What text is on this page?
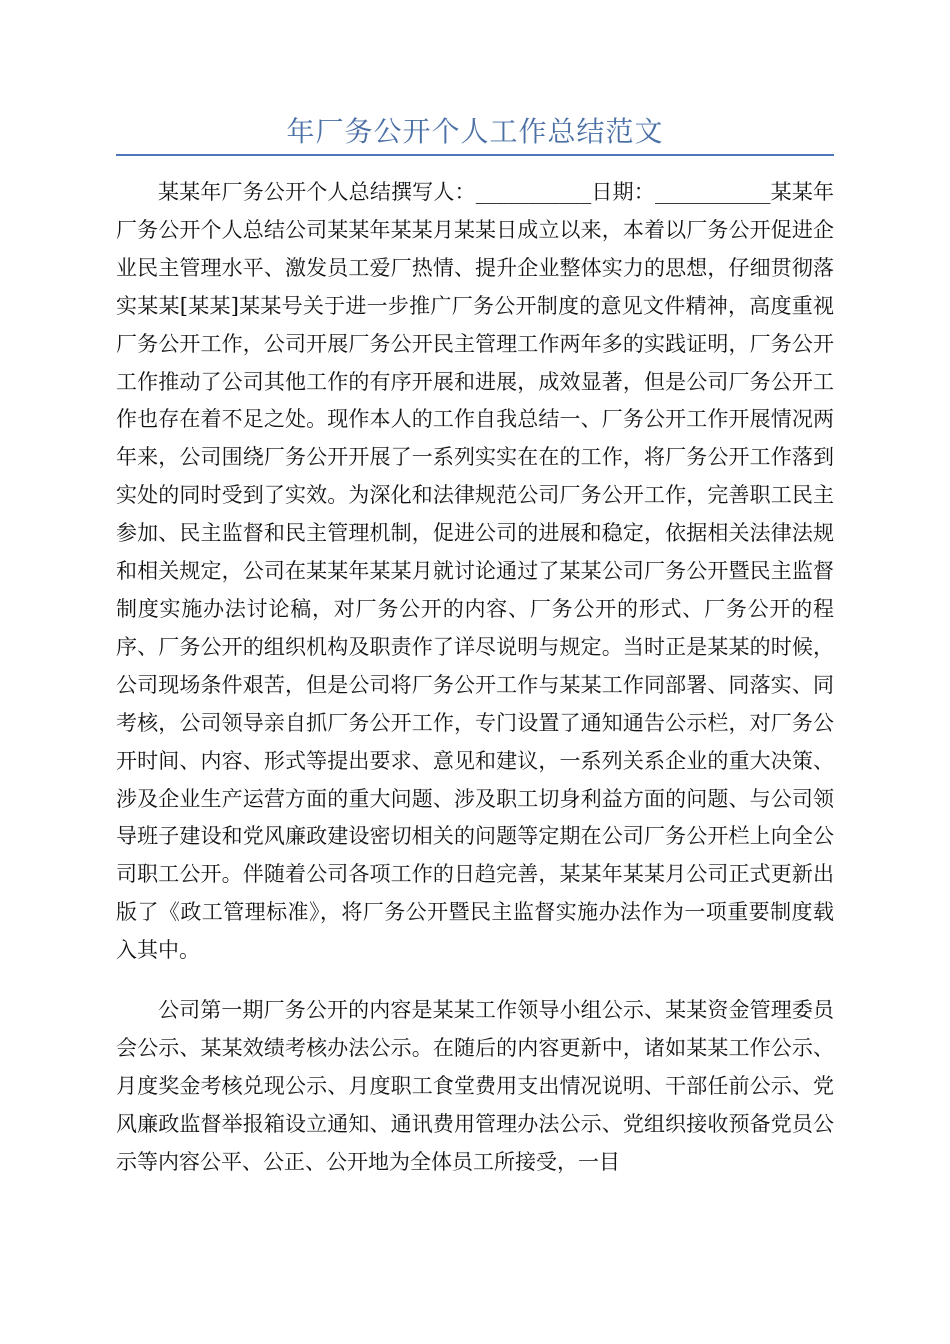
年厂务公开个人工作总结范文

某某年厂务公开个人总结撰写人：___________日期：___________某某年厂务公开个人总结公司某某年某某月某某日成立以来，本着以厂务公开促进企业民主管理水平、激发员工爱厂热情、提升企业整体实力的思想，仔细贯彻落实某某[某某]某某号关于进一步推广厂务公开制度的意见文件精神，高度重视厂务公开工作，公司开展厂务公开民主管理工作两年多的实践证明，厂务公开工作推动了公司其他工作的有序开展和进展，成效显著，但是公司厂务公开工作也存在着不足之处。现作本人的工作自我总结一、厂务公开工作开展情况两年来，公司围绕厂务公开开展了一系列实实在在的工作，将厂务公开工作落到实处的同时受到了实效。为深化和法律规范公司厂务公开工作，完善职工民主参加、民主监督和民主管理机制，促进公司的进展和稳定，依据相关法律法规和相关规定，公司在某某年某某月就讨论通过了某某公司厂务公开暨民主监督制度实施办法讨论稿，对厂务公开的内容、厂务公开的形式、厂务公开的程序、厂务公开的组织机构及职责作了详尽说明与规定。当时正是某某的时候，公司现场条件艰苦，但是公司将厂务公开工作与某某工作同部署、同落实、同考核，公司领导亲自抓厂务公开工作，专门设置了通知通告公示栏，对厂务公开时间、内容、形式等提出要求、意见和建议，一系列关系企业的重大决策、涉及企业生产运营方面的重大问题、涉及职工切身利益方面的问题、与公司领导班子建设和党风廉政建设密切相关的问题等定期在公司厂务公开栏上向全公司职工公开。伴随着公司各项工作的日趋完善，某某年某某月公司正式更新出版了《政工管理标准》，将厂务公开暨民主监督实施办法作为一项重要制度载入其中。

公司第一期厂务公开的内容是某某工作领导小组公示、某某资金管理委员会公示、某某效绩考核办法公示。在随后的内容更新中，诸如某某工作公示、月度奖金考核兑现公示、月度职工食堂费用支出情况说明、干部任前公示、党风廉政监督举报箱设立通知、通讯费用管理办法公示、党组织接收预备党员公示等内容公平、公正、公开地为全体员工所接受，一目
